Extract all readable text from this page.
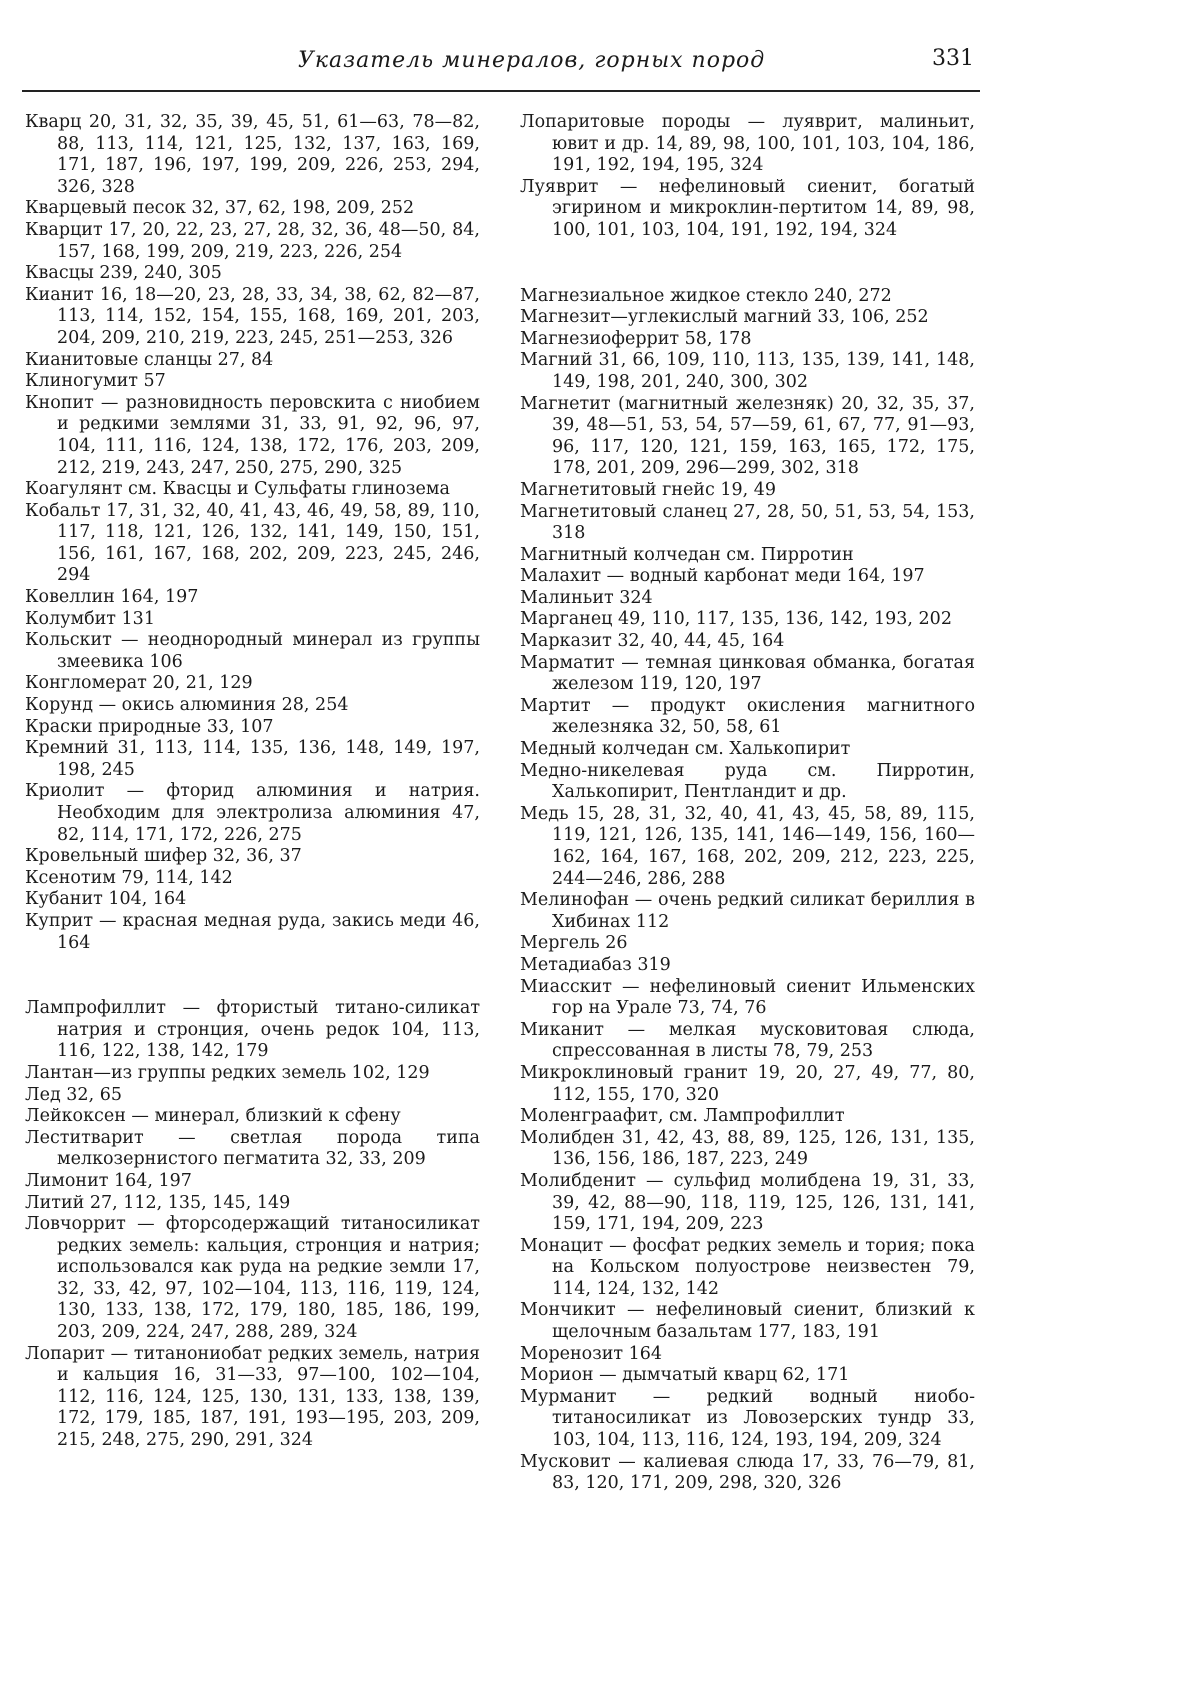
Указатель минералов, горных пород	331
Кварц 20, 31, 32, 35, 39, 45, 51, 61—63, 78—82, 88, 113, 114, 121, 125, 132, 137, 163, 169, 171, 187, 196, 197, 199, 209, 226, 253, 294, 326, 328
Кварцевый песок 32, 37, 62, 198, 209, 252
Кварцит 17, 20, 22, 23, 27, 28, 32, 36, 48—50, 84, 157, 168, 199, 209, 219, 223, 226, 254
Квасцы 239, 240, 305
Кианит 16, 18—20, 23, 28, 33, 34, 38, 62, 82—87, 113, 114, 152, 154, 155, 168, 169, 201, 203, 204, 209, 210, 219, 223, 245, 251—253, 326
Кианитовые сланцы 27, 84
Клиногумит 57
Кнопит — разновидность перовскита с ниобием и редкими землями 31, 33, 91, 92, 96, 97, 104, 111, 116, 124, 138, 172, 176, 203, 209, 212, 219, 243, 247, 250, 275, 290, 325
Коагулянт см. Квасцы и Сульфаты глинозема
Кобальт 17, 31, 32, 40, 41, 43, 46, 49, 58, 89, 110, 117, 118, 121, 126, 132, 141, 149, 150, 151, 156, 161, 167, 168, 202, 209, 223, 245, 246, 294
Ковеллин 164, 197
Колумбит 131
Кольскит — неоднородный минерал из группы змеевика 106
Конгломерат 20, 21, 129
Корунд — окись алюминия 28, 254
Краски природные 33, 107
Кремний 31, 113, 114, 135, 136, 148, 149, 197, 198, 245
Криолит — фторид алюминия и натрия. Необходим для электролиза алюминия 47, 82, 114, 171, 172, 226, 275
Кровельный шифер 32, 36, 37
Ксенотим 79, 114, 142
Кубанит 104, 164
Куприт — красная медная руда, закись меди 46, 164
Лампрофиллит — фтористый титано-силикат натрия и стронция, очень редок 104, 113, 116, 122, 138, 142, 179
Лантан—из группы редких земель 102, 129
Лед 32, 65
Лейкоксен — минерал, близкий к сфену
Леститварит — светлая порода типа мелкозернистого пегматита 32, 33, 209
Лимонит 164, 197
Литий 27, 112, 135, 145, 149
Ловчоррит — фторсодержащий титаносиликат редких земель: кальция, стронция и натрия; использовался как руда на редкие земли 17, 32, 33, 42, 97, 102—104, 113, 116, 119, 124, 130, 133, 138, 172, 179, 180, 185, 186, 199, 203, 209, 224, 247, 288, 289, 324
Лопарит — титанониобат редких земель, натрия и кальция 16, 31—33, 97—100, 102—104, 112, 116, 124, 125, 130, 131, 133, 138, 139, 172, 179, 185, 187, 191, 193—195, 203, 209, 215, 248, 275, 290, 291, 324
Лопаритовые породы — луяврит, малиньит, ювит и др. 14, 89, 98, 100, 101, 103, 104, 186, 191, 192, 194, 195, 324
Луяврит — нефелиновый сиенит, богатый эгирином и микроклин-пертитом 14, 89, 98, 100, 101, 103, 104, 191, 192, 194, 324
Магнезиальное жидкое стекло 240, 272
Магнезит—углекислый магний 33, 106, 252
Магнезиоферрит 58, 178
Магний 31, 66, 109, 110, 113, 135, 139, 141, 148, 149, 198, 201, 240, 300, 302
Магнетит (магнитный железняк) 20, 32, 35, 37, 39, 48—51, 53, 54, 57—59, 61, 67, 77, 91—93, 96, 117, 120, 121, 159, 163, 165, 172, 175, 178, 201, 209, 296—299, 302, 318
Магнетитовый гнейс 19, 49
Магнетитовый сланец 27, 28, 50, 51, 53, 54, 153, 318
Магнитный колчедан см. Пирротин
Малахит — водный карбонат меди 164, 197
Малиньит 324
Марганец 49, 110, 117, 135, 136, 142, 193, 202
Марказит 32, 40, 44, 45, 164
Марматит — темная цинковая обманка, богатая железом 119, 120, 197
Мартит — продукт окисления магнитного железняка 32, 50, 58, 61
Медный колчедан см. Халькопирит
Медно-никелевая руда см. Пирротин, Халькопирит, Пентландит и др.
Медь 15, 28, 31, 32, 40, 41, 43, 45, 58, 89, 115, 119, 121, 126, 135, 141, 146—149, 156, 160—162, 164, 167, 168, 202, 209, 212, 223, 225, 244—246, 286, 288
Мелинофан — очень редкий силикат бериллия в Хибинах 112
Мергель 26
Метадиабаз 319
Миасскит — нефелиновый сиенит Ильменских гор на Урале 73, 74, 76
Миканит — мелкая мусковитовая слюда, спрессованная в листы 78, 79, 253
Микроклиновый гранит 19, 20, 27, 49, 77, 80, 112, 155, 170, 320
Моленграафит, см. Лампрофиллит
Молибден 31, 42, 43, 88, 89, 125, 126, 131, 135, 136, 156, 186, 187, 223, 249
Молибденит — сульфид молибдена 19, 31, 33, 39, 42, 88—90, 118, 119, 125, 126, 131, 141, 159, 171, 194, 209, 223
Монацит — фосфат редких земель и тория; пока на Кольском полуострове неизвестен 79, 114, 124, 132, 142
Мончикит — нефелиновый сиенит, близкий к щелочным базальтам 177, 183, 191
Моренозит 164
Морион — дымчатый кварц 62, 171
Мурманит — редкий водный ниобо-титаносиликат из Ловозерских тундр 33, 103, 104, 113, 116, 124, 193, 194, 209, 324
Мусковит — калиевая слюда 17, 33, 76—79, 81, 83, 120, 171, 209, 298, 320, 326
